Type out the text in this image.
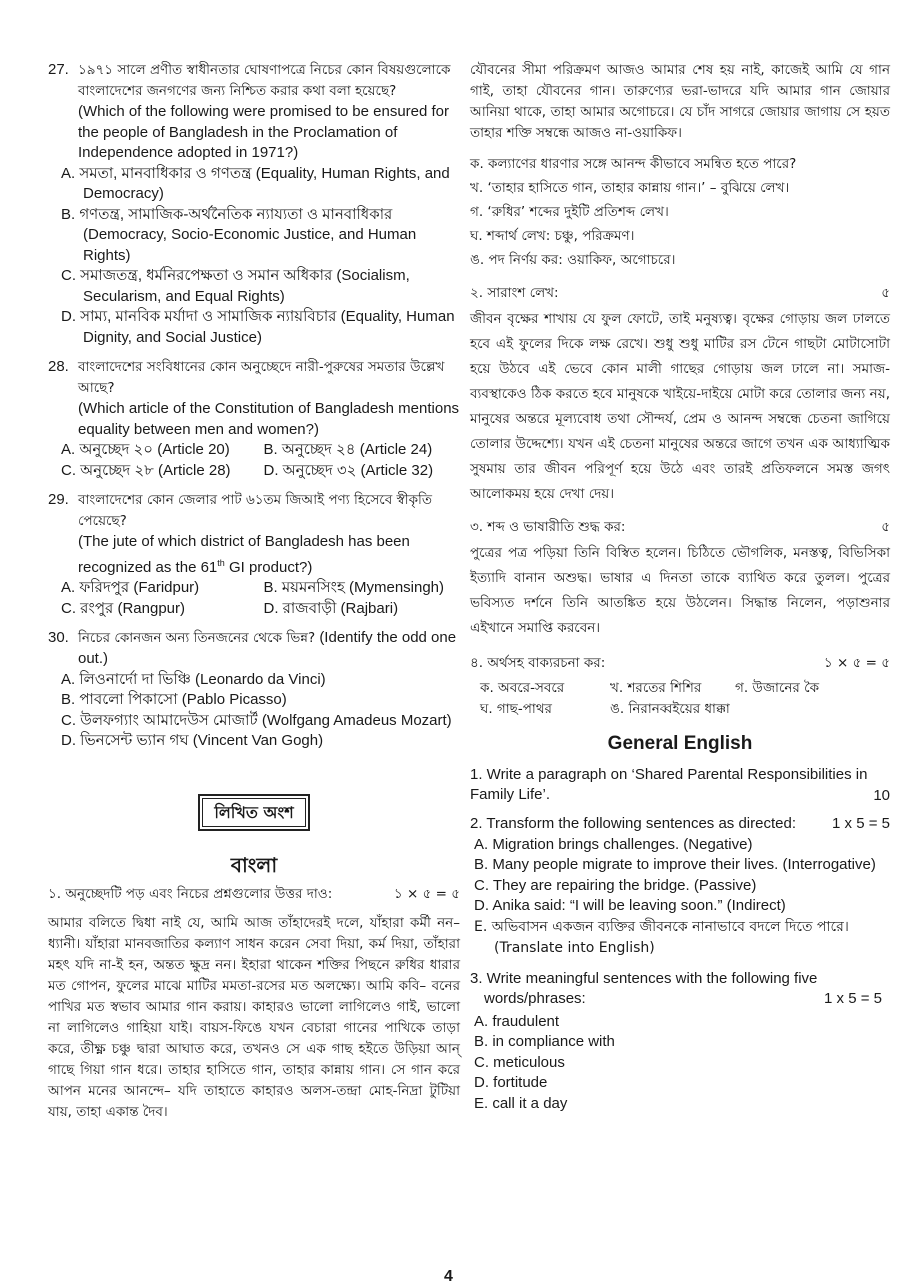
27. ১৯৭১ সালে প্রণীত স্বাধীনতার ঘোষণাপত্রে নিচের কোন বিষয়গুলোকে বাংলাদেশের জনগণের জন্য নিশ্চিত করার কথা বলা হয়েছে?
(Which of the following were promised to be ensured for the people of Bangladesh in the Proclamation of Independence adopted in 1971?)
A. সমতা, মানবাধিকার ও গণতন্ত্র (Equality, Human Rights, and Democracy)
B. গণতন্ত্র, সামাজিক-অর্থনৈতিক ন্যায্যতা ও মানবাধিকার (Democracy, Socio-Economic Justice, and Human Rights)
C. সমাজতন্ত্র, ধর্মনিরপেক্ষতা ও সমান অধিকার (Socialism, Secularism, and Equal Rights)
D. সাম্য, মানবিক মর্যাদা ও সামাজিক ন্যায়বিচার (Equality, Human Dignity, and Social Justice)
28. বাংলাদেশের সংবিধানের কোন অনুচ্ছেদে নারী-পুরুষের সমতার উল্লেখ আছে?
(Which article of the Constitution of Bangladesh mentions equality between men and women?)
A. অনুচ্ছেদ ২০ (Article 20)	B. অনুচ্ছেদ ২৪ (Article 24)
C. অনুচ্ছেদ ২৮ (Article 28)	D. অনুচ্ছেদ ৩২ (Article 32)
29. বাংলাদেশের কোন জেলার পাট ৬১তম জিআই পণ্য হিসেবে স্বীকৃতি পেয়েছে?
(The jute of which district of Bangladesh has been recognized as the 61th GI product?)
A. ফরিদপুর (Faridpur)	B. ময়মনসিংহ (Mymensingh)
C. রংপুর (Rangpur)	D. রাজবাড়ী (Rajbari)
30. নিচের কোনজন অন্য তিনজনের থেকে ভিন্ন? (Identify the odd one out.)
A. লিওনার্দো দা ভিঞ্চি (Leonardo da Vinci)
B. পাবলো পিকাসো (Pablo Picasso)
C. উলফগ্যাং আমাদেউস মোজার্ট (Wolfgang Amadeus Mozart)
D. ভিনসেন্ট ভ্যান গঘ (Vincent Van Gogh)
লিখিত অংশ
বাংলা
১. অনুচ্ছেদটি পড় এবং নিচের প্রশ্নগুলোর উত্তর দাও:	১ × ৫ = ৫

আমার বলিতে দ্বিধা নাই যে, আমি আজ তাঁহাদেরই দলে, যাঁহারা কর্মী নন–ধ্যানী। যাঁহারা মানবজাতির কল্যাণ সাধন করেন সেবা দিয়া, কর্ম দিয়া, তাঁহারা মহৎ যদি না-ই হন, অন্তত ক্ষুদ্র নন। ইহারা থাকেন শক্তির পিছনে রুধির ধারার মত গোপন, ফুলের মাঝে মাটির মমতা-রসের মত অলক্ষ্যে। আমি কবি– বনের পাখির মত স্বভাব আমার গান করায়। কাহারও ভালো লাগিলেও গাই, ভালো না লাগিলেও গাহিয়া যাই। বায়স-ফিঙে যখন বেচারা গানের পাখিকে তাড়া করে, তীক্ষ্ণ চঞ্চু দ্বারা আঘাত করে, তখনও সে এক গাছ হইতে উড়িয়া আন্ গাছে গিয়া গান ধরে। তাহার হাসিতে গান, তাহার কান্নায় গান। সে গান করে আপন মনের আনন্দে– যদি তাহাতে কাহারও অলস-তন্দ্রা মোহ-নিদ্রা টুটিয়া যায়, তাহা একান্ত দৈব।

যৌবনের সীমা পরিক্রমণ আজও আমার শেষ হয় নাই, কাজেই আমি যে গান গাই, তাহা যৌবনের গান। তারুণ্যের ভরা-ভাদরে যদি আমার গান জোয়ার আনিয়া থাকে, তাহা আমার অগোচরে। যে চাঁদ সাগরে জোয়ার জাগায় সে হয়ত তাহার শক্তি সম্বন্ধে আজও না-ওয়াকিফ।

ক. কল্যাণের ধারণার সঙ্গে আনন্দ কীভাবে সমন্বিত হতে পারে?
খ. ‘তাহার হাসিতে গান, তাহার কান্নায় গান।’ – বুঝিয়ে লেখ।
গ. ‘রুধির’ শব্দের দুইটি প্রতিশব্দ লেখ।
ঘ. শব্দার্থ লেখ: চঞ্চু, পরিক্রমণ।
ঙ. পদ নির্ণয় কর: ওয়াকিফ, অগোচরে।
২. সারাংশ লেখ:	৫

জীবন বৃক্ষের শাখায় যে ফুল ফোটে, তাই মনুষ্যত্ব। বৃক্ষের গোড়ায় জল ঢালতে হবে এই ফুলের দিকে লক্ষ রেখে। শুধু শুধু মাটির রস টেনে গাছটা মোটাসোটা হয়ে উঠবে এই ভেবে কোন মালী গাছের গোড়ায় জল ঢালে না। সমাজ-ব্যবস্থাকেও ঠিক করতে হবে মানুষকে খাইয়ে-দাইয়ে মোটা করে তোলার জন্য নয়, মানুষের অন্তরে মূল্যবোধ তথা সৌন্দর্য, প্রেম ও আনন্দ সম্বন্ধে চেতনা জাগিয়ে তোলার উদ্দেশ্যে। যখন এই চেতনা মানুষের অন্তরে জাগে তখন এক আধ্যাত্মিক সুষমায় তার জীবন পরিপূর্ণ হয়ে উঠে এবং তারই প্রতিফলনে সমস্ত জগৎ আলোকময় হয়ে দেখা দেয়।

৩. শব্দ ও ভাষারীতি শুদ্ধ কর:	৫

পুত্রের পত্র পড়িয়া তিনি বিস্বিত হলেন। চিঠিতে ভৌগলিক, মনস্তত্ব, বিভিসিকা ইত্যাদি বানান অশুদ্ধ। ভাষার এ দিনতা তাকে ব্যাথিত করে তুলল। পুত্রের ভবিস্যত দর্শনে তিনি আতঙ্কিত হয়ে উঠলেন। সিদ্ধান্ত নিলেন, পড়াশুনার এইখানে সমাপ্তি করবেন।

৪. অর্থসহ বাক্যরচনা কর:	১ × ৫ = ৫
ক. অবরে-সবরে	খ. শরতের শিশির	গ. উজানের কৈ
ঘ. গাছ-পাথর	ঙ. নিরানব্বইয়ের ধাক্কা
General English
1. Write a paragraph on ‘Shared Parental Responsibilities in Family Life’.	10
2. Transform the following sentences as directed: 1 x 5 = 5
A. Migration brings challenges. (Negative)
B. Many people migrate to improve their lives. (Interrogative)
C. They are repairing the bridge. (Passive)
D. Anika said: “I will be leaving soon.” (Indirect)
E. অভিবাসন একজন ব্যক্তির জীবনকে নানাভাবে বদলে দিতে পারে। (Translate into English)
3. Write meaningful sentences with the following five
words/phrases:	1 x 5 = 5
A. fraudulent
B. in compliance with
C. meticulous
D. fortitude
E. call it a day
4
